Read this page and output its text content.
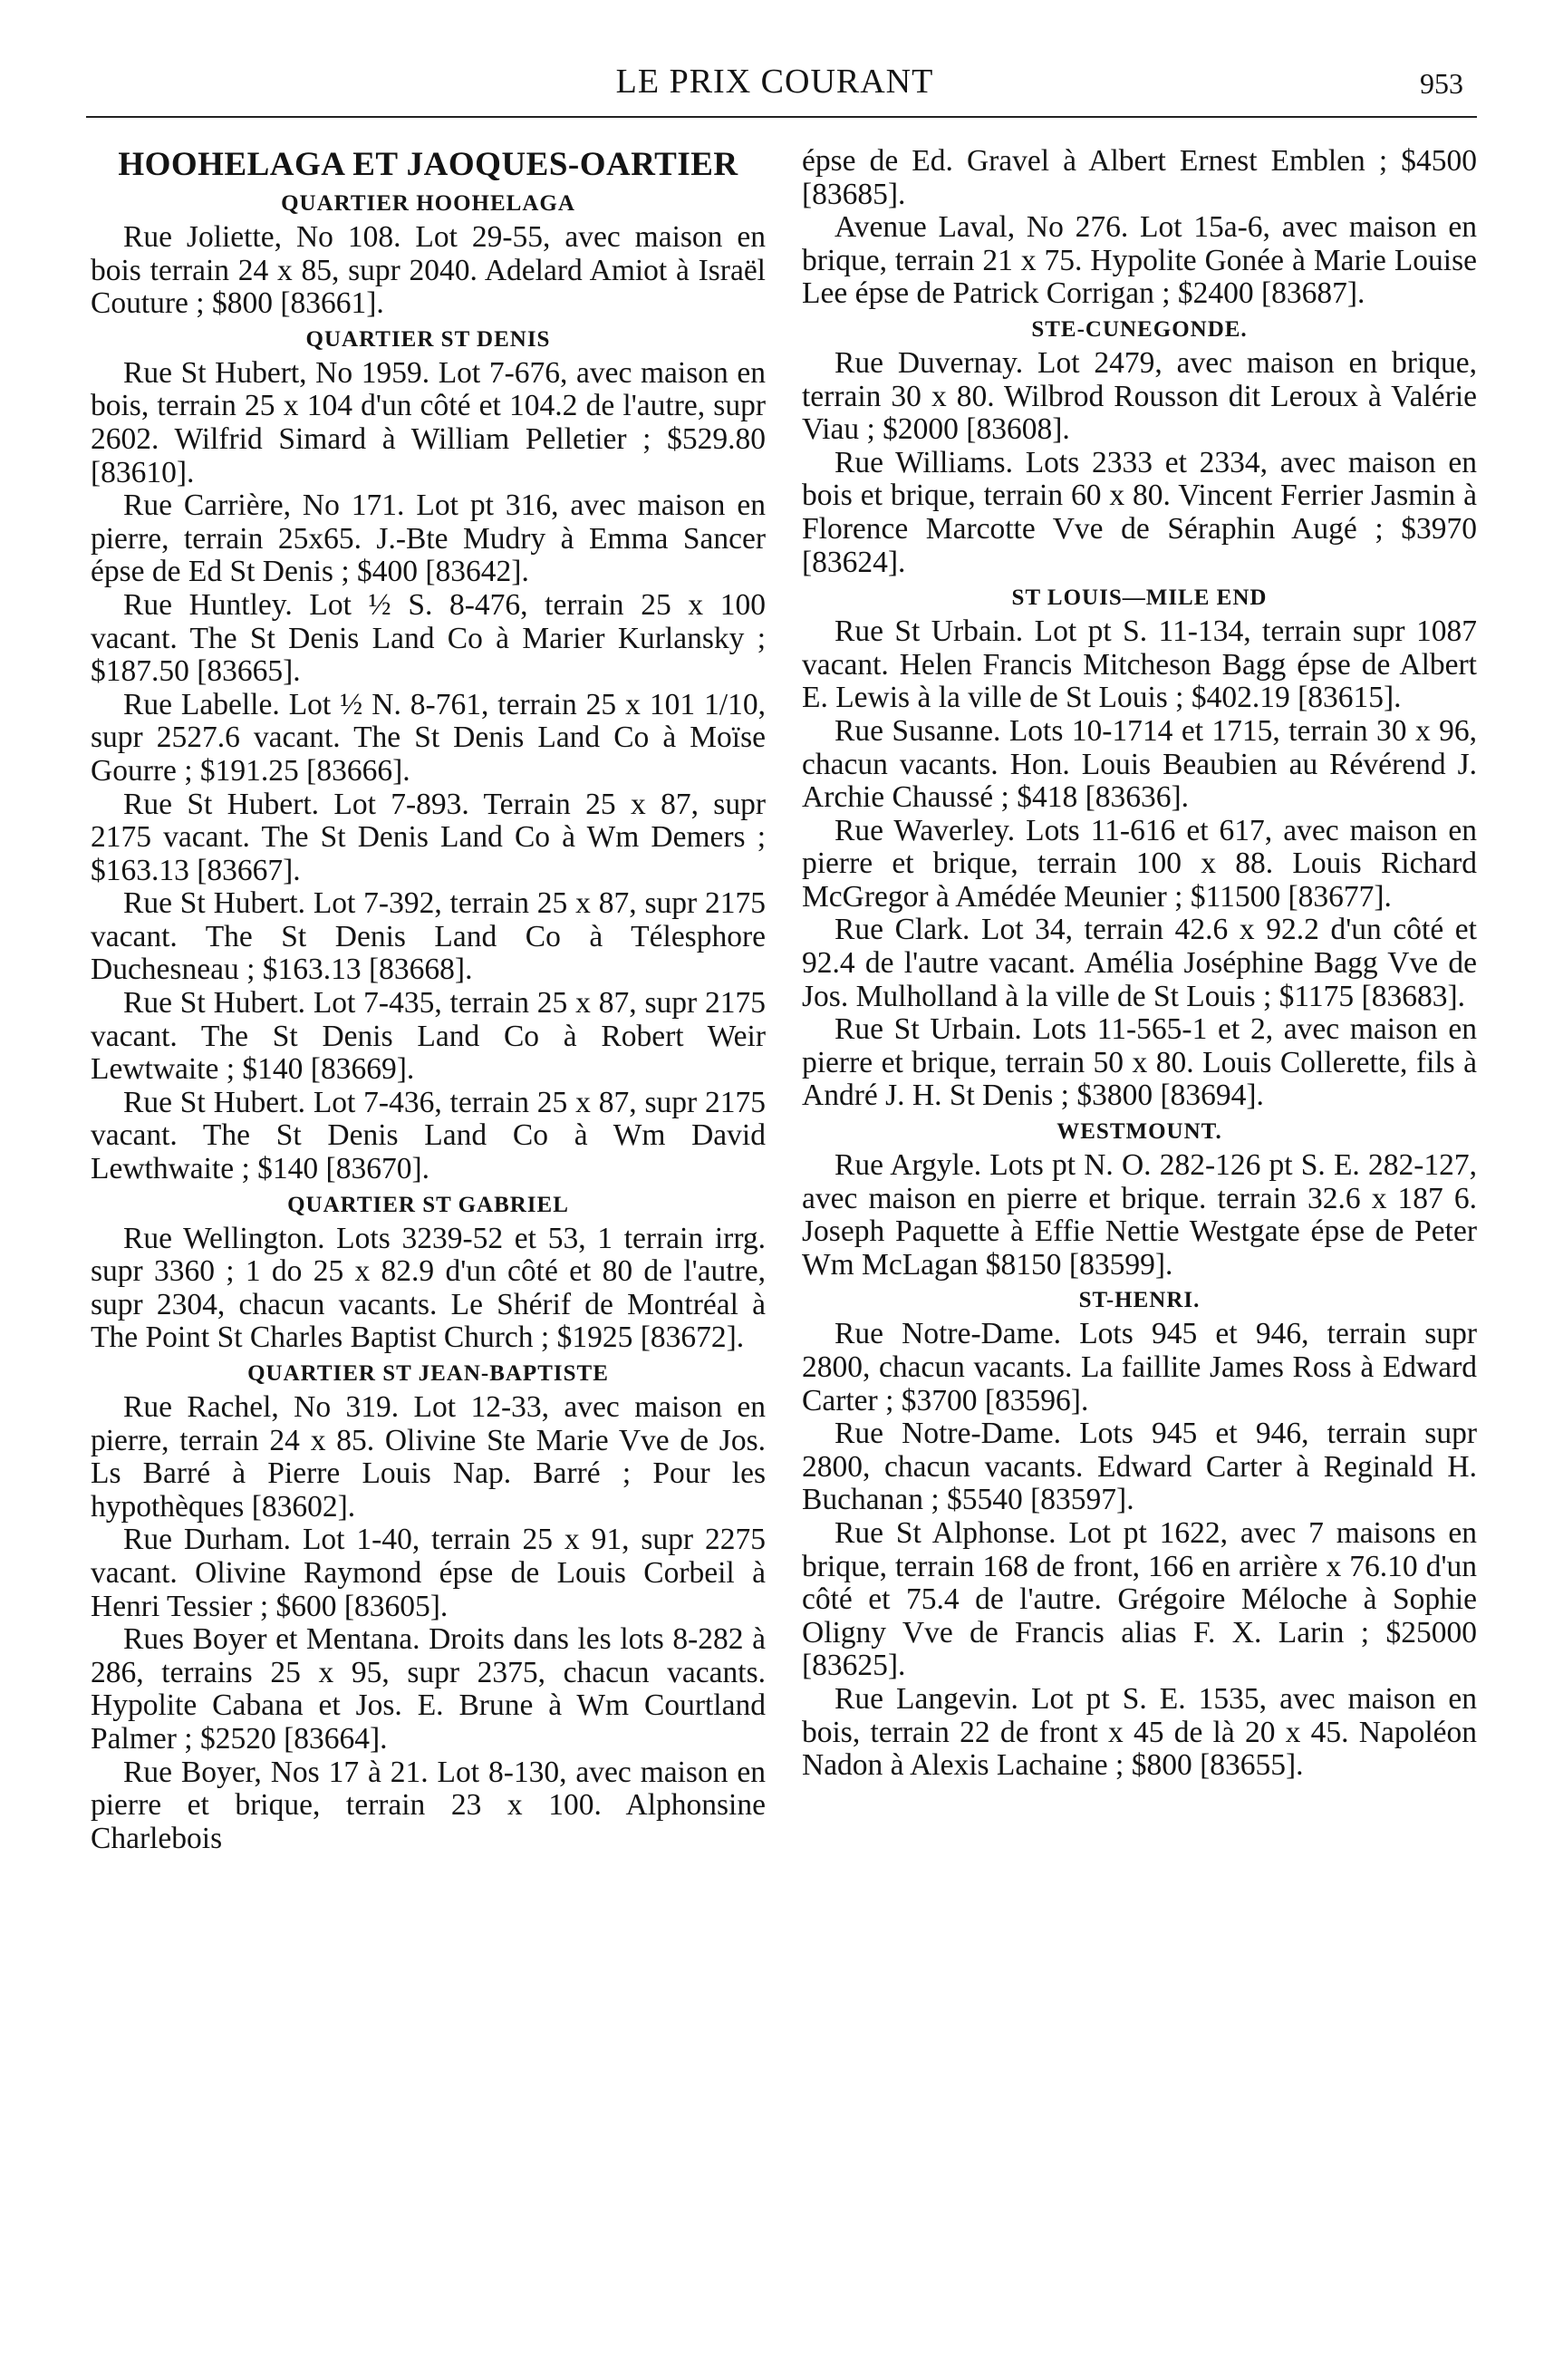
LE PRIX COURANT	953
HOOHELAGA ET JAOQUES-OARTIER
QUARTIER HOOHELAGA

Rue Joliette, No 108. Lot 29-55, avec maison en bois terrain 24 x 85, supr 2040. Adelard Amiot à Israël Couture ; $800 [83661].

QUARTIER ST DENIS

Rue St Hubert, No 1959. Lot 7-676, avec maison en bois, terrain 25 x 104 d'un côté et 104.2 de l'autre, supr 2602. Wilfrid Simard à William Pelletier ; $529.80 [83610].

Rue Carrière, No 171. Lot pt 316, avec maison en pierre, terrain 25x65. J.-Bte Mudry à Emma Sancer épse de Ed St Denis ; $400 [83642].

Rue Huntley. Lot ½ S. 8-476, terrain 25 x 100 vacant. The St Denis Land Co à Marier Kurlansky ; $187.50 [83665].

Rue Labelle. Lot ½ N. 8-761, terrain 25 x 101 1/10, supr 2527.6 vacant. The St Denis Land Co à Moïse Gourre ; $191.25 [83666].

Rue St Hubert. Lot 7-893. Terrain 25 x 87, supr 2175 vacant. The St Denis Land Co à Wm Demers ; $163.13 [83667].

Rue St Hubert. Lot 7-392, terrain 25 x 87, supr 2175 vacant. The St Denis Land Co à Télesphore Duchesneau ; $163.13 [83668].

Rue St Hubert. Lot 7-435, terrain 25 x 87, supr 2175 vacant. The St Denis Land Co à Robert Weir Lewtwaite ; $140 [83669].

Rue St Hubert. Lot 7-436, terrain 25 x 87, supr 2175 vacant. The St Denis Land Co à Wm David Lewthwaite ; $140 [83670].

QUARTIER ST GABRIEL

Rue Wellington. Lots 3239-52 et 53, 1 terrain irrg. supr 3360 ; 1 do 25 x 82.9 d'un côté et 80 de l'autre, supr 2304, chacun vacants. Le Shérif de Montréal à The Point St Charles Baptist Church ; $1925 [83672].

QUARTIER ST JEAN-BAPTISTE

Rue Rachel, No 319. Lot 12-33, avec maison en pierre, terrain 24 x 85. Olivine Ste Marie Vve de Jos. Ls Barré à Pierre Louis Nap. Barré ; Pour les hypothèques [83602].

Rue Durham. Lot 1-40, terrain 25 x 91, supr 2275 vacant. Olivine Raymond épse de Louis Corbeil à Henri Tessier ; $600 [83605].

Rues Boyer et Mentana. Droits dans les lots 8-282 à 286, terrains 25 x 95, supr 2375, chacun vacants. Hypolite Cabana et Jos. E. Brune à Wm Courtland Palmer ; $2520 [83664].

Rue Boyer, Nos 17 à 21. Lot 8-130, avec maison en pierre et brique, terrain 23 x 100. Alphonsine Charlebois

épse de Ed. Gravel à Albert Ernest Emblen ; $4500 [83685].

Avenue Laval, No 276. Lot 15a-6, avec maison en brique, terrain 21 x 75. Hypolite Gonée à Marie Louise Lee épse de Patrick Corrigan ; $2400 [83687].

STE-CUNEGONDE.

Rue Duvernay. Lot 2479, avec maison en brique, terrain 30 x 80. Wilbrod Rousson dit Leroux à Valérie Viau ; $2000 [83608].

Rue Williams. Lots 2333 et 2334, avec maison en bois et brique, terrain 60 x 80. Vincent Ferrier Jasmin à Florence Marcotte Vve de Séraphin Augé ; $3970 [83624].

ST LOUIS—MILE END

Rue St Urbain. Lot pt S. 11-134, terrain supr 1087 vacant. Helen Francis Mitcheson Bagg épse de Albert E. Lewis à la ville de St Louis ; $402.19 [83615].

Rue Susanne. Lots 10-1714 et 1715, terrain 30 x 96, chacun vacants. Hon. Louis Beaubien au Révérend J. Archie Chaussé ; $418 [83636].

Rue Waverley. Lots 11-616 et 617, avec maison en pierre et brique, terrain 100 x 88. Louis Richard McGregor à Amédée Meunier ; $11500 [83677].

Rue Clark. Lot 34, terrain 42.6 x 92.2 d'un côté et 92.4 de l'autre vacant. Amélia Joséphine Bagg Vve de Jos. Mulholland à la ville de St Louis ; $1175 [83683].

Rue St Urbain. Lots 11-565-1 et 2, avec maison en pierre et brique, terrain 50 x 80. Louis Collerette, fils à André J. H. St Denis ; $3800 [83694].

WESTMOUNT.

Rue Argyle. Lots pt N. O. 282-126 pt S. E. 282-127, avec maison en pierre et brique. terrain 32.6 x 187 6. Joseph Paquette à Effie Nettie Westgate épse de Peter Wm McLagan $8150 [83599].

ST-HENRI.

Rue Notre-Dame. Lots 945 et 946, terrain supr 2800, chacun vacants. La faillite James Ross à Edward Carter ; $3700 [83596].

Rue Notre-Dame. Lots 945 et 946, terrain supr 2800, chacun vacants. Edward Carter à Reginald H. Buchanan ; $5540 [83597].

Rue St Alphonse. Lot pt 1622, avec 7 maisons en brique, terrain 168 de front, 166 en arrière x 76.10 d'un côté et 75.4 de l'autre. Grégoire Méloche à Sophie Oligny Vve de Francis alias F. X. Larin ; $25000 [83625].

Rue Langevin. Lot pt S. E. 1535, avec maison en bois, terrain 22 de front x 45 de là 20 x 45. Napoléon Nadon à Alexis Lachaine ; $800 [83655].
